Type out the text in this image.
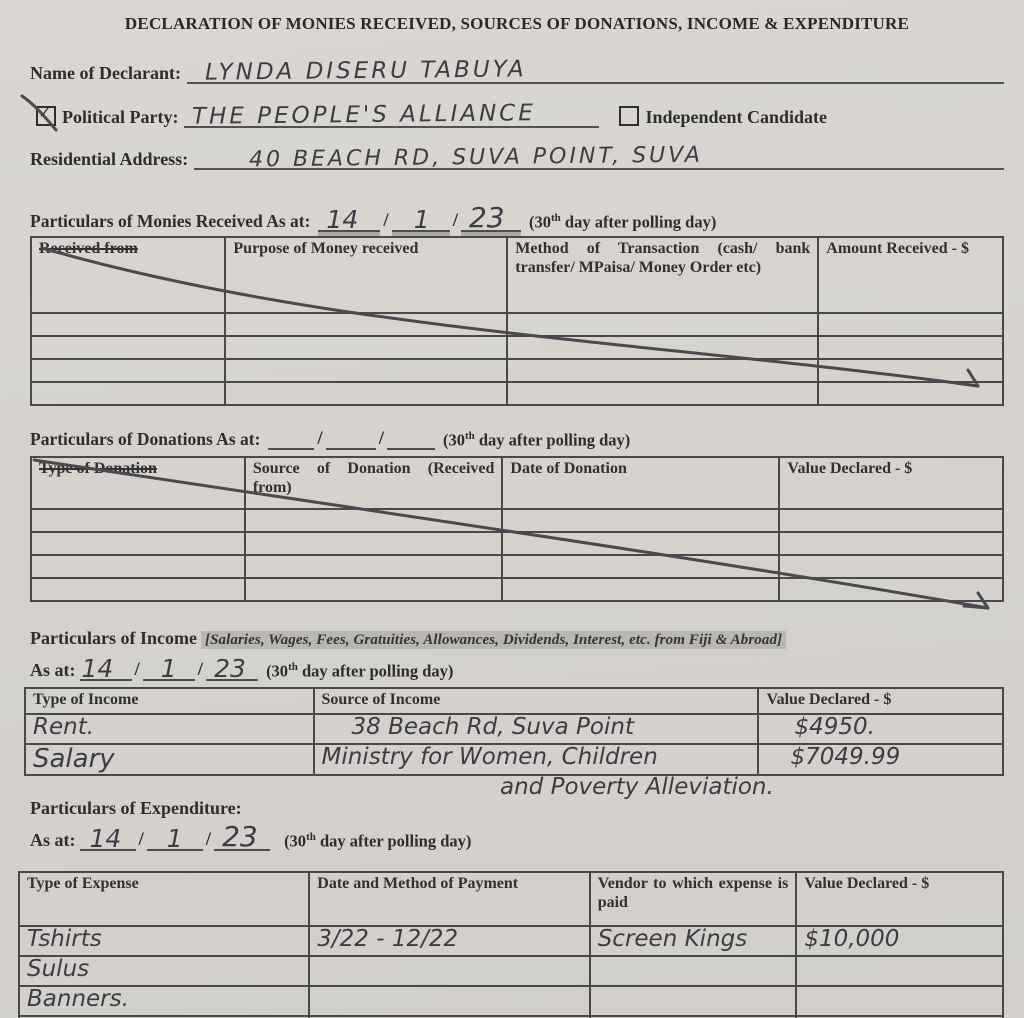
DECLARATION OF MONIES RECEIVED, SOURCES OF DONATIONS, INCOME & EXPENDITURE
Name of Declarant: LYNDA DISERU TABUYA
✓ Political Party: THE PEOPLE'S ALLIANCE	Independent Candidate
Residential Address:	40 BEACH RD, SUVA POINT, SUVA
Particulars of Monies Received As at: 14 / 1 / 23 (30th day after polling day)
Received from	Purpose of Money received	Method of Transaction (cash/ bank transfer/ MPaisa/ Money Order etc)	Amount Received - $

Particulars of Donations As at:	/	/	(30th day after polling day)
Type of Donation	Source of Donation (Received from)	Date of Donation	Value Declared - $

Particulars of Income [Salaries, Wages, Fees, Gratuities, Allowances, Dividends, Interest, etc. from Fiji & Abroad]
As at: 14 / 1 / 23 (30th day after polling day)
Type of Income	Source of Income	Value Declared - $
Rent.	38 Beach Rd, Suva Point	$4950.
Salary	Ministry for Women, Children	$7049.99
and Poverty Alleviation.
Particulars of Expenditure:
As at: 14 / 1 / 23 (30th day after polling day)
Type of Expense	Date and Method of Payment	Vendor to which expense is paid	Value Declared - $
Tshirts	3/22 - 12/22	Screen Kings	$10,000
Sulus			
Banners.			
